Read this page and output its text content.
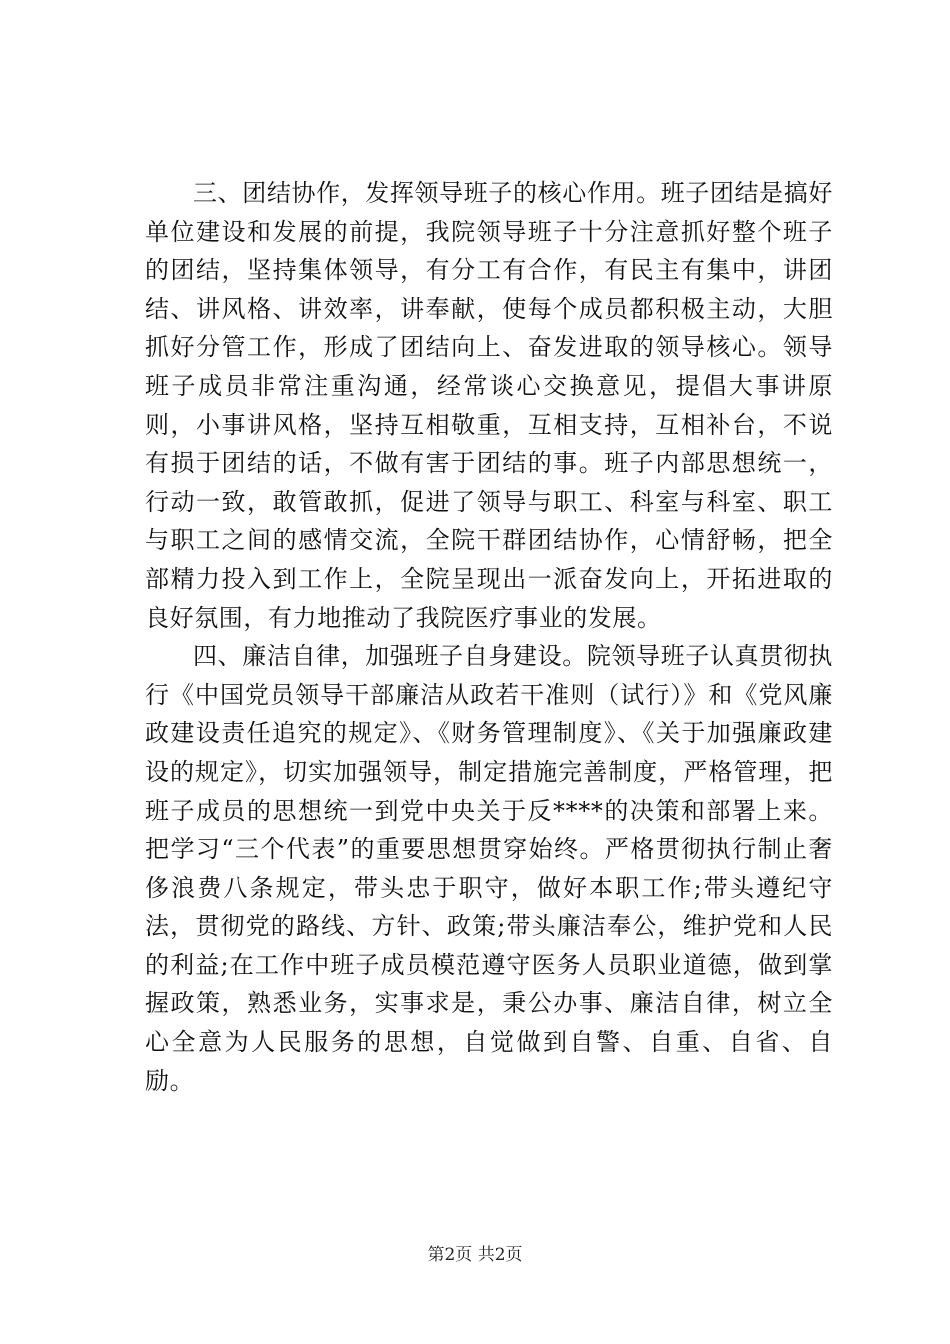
三、团结协作，发挥领导班子的核心作用。班子团结是搞好单位建设和发展的前提，我院领导班子十分注意抓好整个班子的团结，坚持集体领导，有分工有合作，有民主有集中，讲团结、讲风格、讲效率，讲奉献，使每个成员都积极主动，大胆抓好分管工作，形成了团结向上、奋发进取的领导核心。领导班子成员非常注重沟通，经常谈心交换意见，提倡大事讲原则，小事讲风格，坚持互相敬重，互相支持，互相补台，不说有损于团结的话，不做有害于团结的事。班子内部思想统一，行动一致，敢管敢抓，促进了领导与职工、科室与科室、职工与职工之间的感情交流，全院干群团结协作，心情舒畅，把全部精力投入到工作上，全院呈现出一派奋发向上，开拓进取的良好氛围，有力地推动了我院医疗事业的发展。

四、廉洁自律，加强班子自身建设。院领导班子认真贯彻执行《中国党员领导干部廉洁从政若干准则（试行）》和《党风廉政建设责任追究的规定》、《财务管理制度》、《关于加强廉政建设的规定》，切实加强领导，制定措施完善制度，严格管理，把班子成员的思想统一到党中央关于反****的决策和部署上来。把学习“三个代表”的重要思想贯穿始终。严格贯彻执行制止奢侈浪费八条规定，带头忠于职守，做好本职工作;带头遵纪守法，贯彻党的路线、方针、政策;带头廉洁奉公，维护党和人民的利益;在工作中班子成员模范遵守医务人员职业道德，做到掌握政策，熟悉业务，实事求是，秉公办事、廉洁自律，树立全心全意为人民服务的思想，自觉做到自警、自重、自省、自励。

第2页 共2页
